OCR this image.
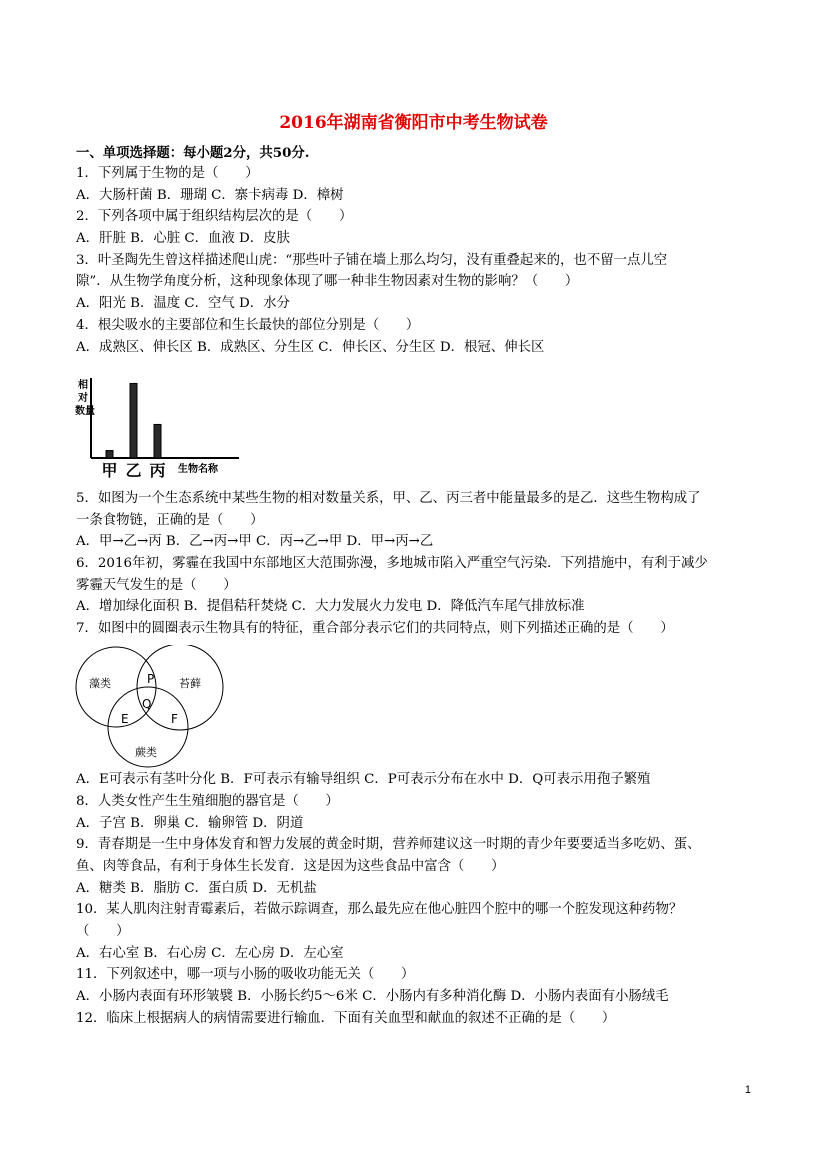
2016年湖南省衡阳市中考生物试卷
一、单项选择题：每小题2分，共50分.
1．下列属于生物的是（　　）
A．大肠杆菌 B．珊瑚 C．寨卡病毒 D．樟树
2．下列各项中属于组织结构层次的是（　　）
A．肝脏 B．心脏 C．血液 D．皮肤
3．叶圣陶先生曾这样描述爬山虎：“那些叶子铺在墙上那么均匀，没有重叠起来的，也不留一点儿空
隙”．从生物学角度分析，这种现象体现了哪一种非生物因素对生物的影响？（　　）
A．阳光 B．温度 C．空气 D．水分
4．根尖吸水的主要部位和生长最快的部位分别是（　　）
A．成熟区、伸长区 B．成熟区、分生区 C．伸长区、分生区 D．根冠、伸长区
相
对
数量
甲 乙 丙 生物名称
5．如图为一个生态系统中某些生物的相对数量关系，甲、乙、丙三者中能量最多的是乙．这些生物构成了
一条食物链，正确的是（　　）
A．甲→乙→丙 B．乙→丙→甲 C．丙→乙→甲 D．甲→丙→乙
6．2016年初，雾霾在我国中东部地区大范围弥漫，多地城市陷入严重空气污染．下列措施中，有利于减少
雾霾天气发生的是（　　）
A．增加绿化面积 B．提倡秸秆焚烧 C．大力发展火力发电 D．降低汽车尾气排放标准
7．如图中的圆圈表示生物具有的特征，重合部分表示它们的共同特点，则下列描述正确的是（　　）
藻类	苔藓
蕨类
P
Q
E	F
A．E可表示有茎叶分化 B．F可表示有输导组织 C．P可表示分布在水中 D．Q可表示用孢子繁殖
8．人类女性产生生殖细胞的器官是（　　）
A．子宫 B．卵巢 C．输卵管 D．阴道
9．青春期是一生中身体发育和智力发展的黄金时期，营养师建议这一时期的青少年要要适当多吃奶、蛋、
鱼、肉等食品，有利于身体生长发育．这是因为这些食品中富含（　　）
A．糖类 B．脂肪 C．蛋白质 D．无机盐
10．某人肌肉注射青霉素后，若做示踪调查，那么最先应在他心脏四个腔中的哪一个腔发现这种药物？
（　　）
A．右心室 B．右心房 C．左心房 D．左心室
11．下列叙述中，哪一项与小肠的吸收功能无关（　　）
A．小肠内表面有环形皱襞 B．小肠长约5～6米 C．小肠内有多种消化酶 D．小肠内表面有小肠绒毛
12．临床上根据病人的病情需要进行输血．下面有关血型和献血的叙述不正确的是（　　）
1
